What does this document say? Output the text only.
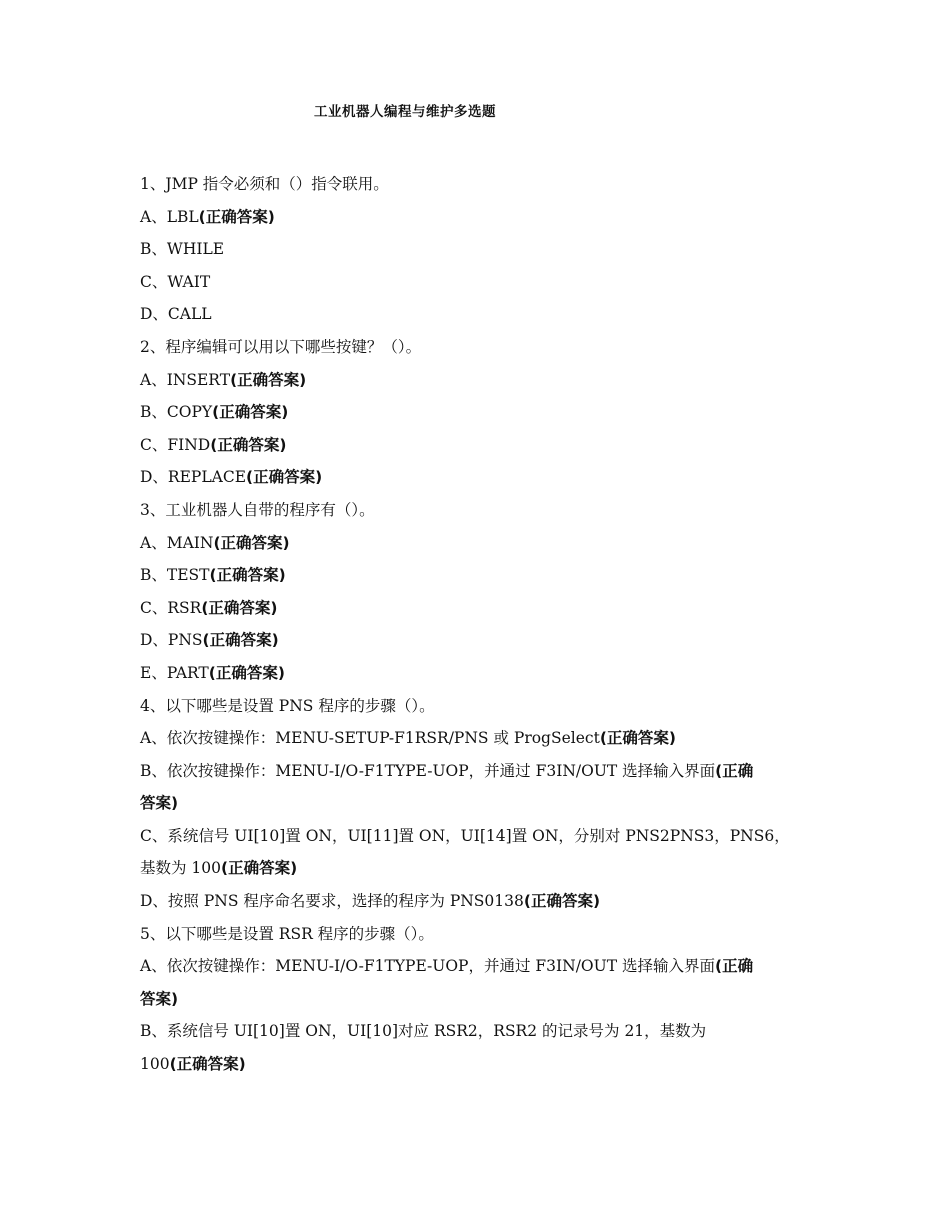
工业机器人编程与维护多选题
1、JMP 指令必须和（）指令联用。
A、LBL(正确答案)
B、WHILE
C、WAIT
D、CALL
2、程序编辑可以用以下哪些按键？（）。
A、INSERT(正确答案)
B、COPY(正确答案)
C、FIND(正确答案)
D、REPLACE(正确答案)
3、工业机器人自带的程序有（）。
A、MAIN(正确答案)
B、TEST(正确答案)
C、RSR(正确答案)
D、PNS(正确答案)
E、PART(正确答案)
4、以下哪些是设置 PNS 程序的步骤（）。
A、依次按键操作：MENU-SETUP-F1RSR/PNS 或 ProgSelect(正确答案)
B、依次按键操作：MENU-I/O-F1TYPE-UOP，并通过 F3IN/OUT 选择输入界面(正确
答案)
C、系统信号 UI[10]置 ON，UI[11]置 ON，UI[14]置 ON，分别对 PNS2PNS3，PNS6，
基数为 100(正确答案)
D、按照 PNS 程序命名要求，选择的程序为 PNS0138(正确答案)
5、以下哪些是设置 RSR 程序的步骤（）。
A、依次按键操作：MENU-I/O-F1TYPE-UOP，并通过 F3IN/OUT 选择输入界面(正确
答案)
B、系统信号 UI[10]置 ON，UI[10]对应 RSR2，RSR2 的记录号为 21，基数为
100(正确答案)
